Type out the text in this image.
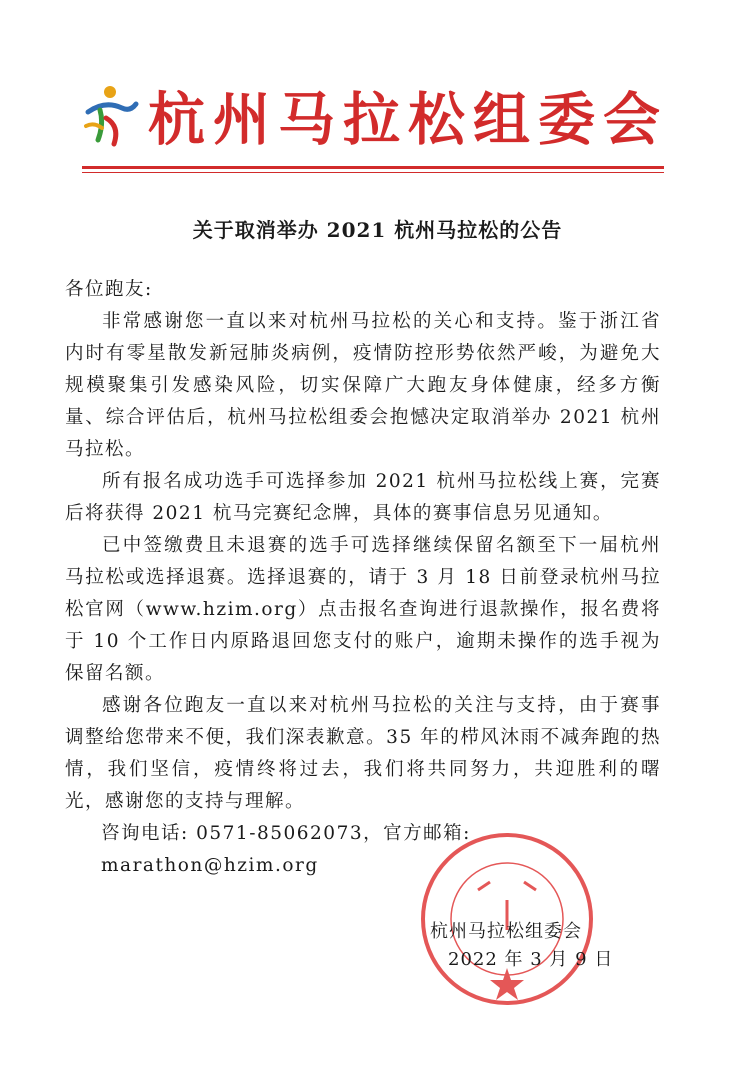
杭州马拉松组委会
关于取消举办 2021 杭州马拉松的公告

各位跑友:

非常感谢您一直以来对杭州马拉松的关心和支持。鉴于浙江省内时有零星散发新冠肺炎病例，疫情防控形势依然严峻，为避免大规模聚集引发感染风险，切实保障广大跑友身体健康，经多方衡量、综合评估后，杭州马拉松组委会抱憾决定取消举办 2021 杭州马拉松。

所有报名成功选手可选择参加 2021 杭州马拉松线上赛，完赛后将获得 2021 杭马完赛纪念牌，具体的赛事信息另见通知。

已中签缴费且未退赛的选手可选择继续保留名额至下一届杭州马拉松或选择退赛。选择退赛的，请于 3 月 18 日前登录杭州马拉松官网（www.hzim.org）点击报名查询进行退款操作，报名费将于 10 个工作日内原路退回您支付的账户，逾期未操作的选手视为保留名额。

感谢各位跑友一直以来对杭州马拉松的关注与支持，由于赛事调整给您带来不便，我们深表歉意。35 年的栉风沐雨不减奔跑的热情，我们坚信，疫情终将过去，我们将共同努力，共迎胜利的曙光，感谢您的支持与理解。

咨询电话: 0571-85062073，官方邮箱: marathon@hzim.org

杭州马拉松组委会
2022 年 3 月 9 日
